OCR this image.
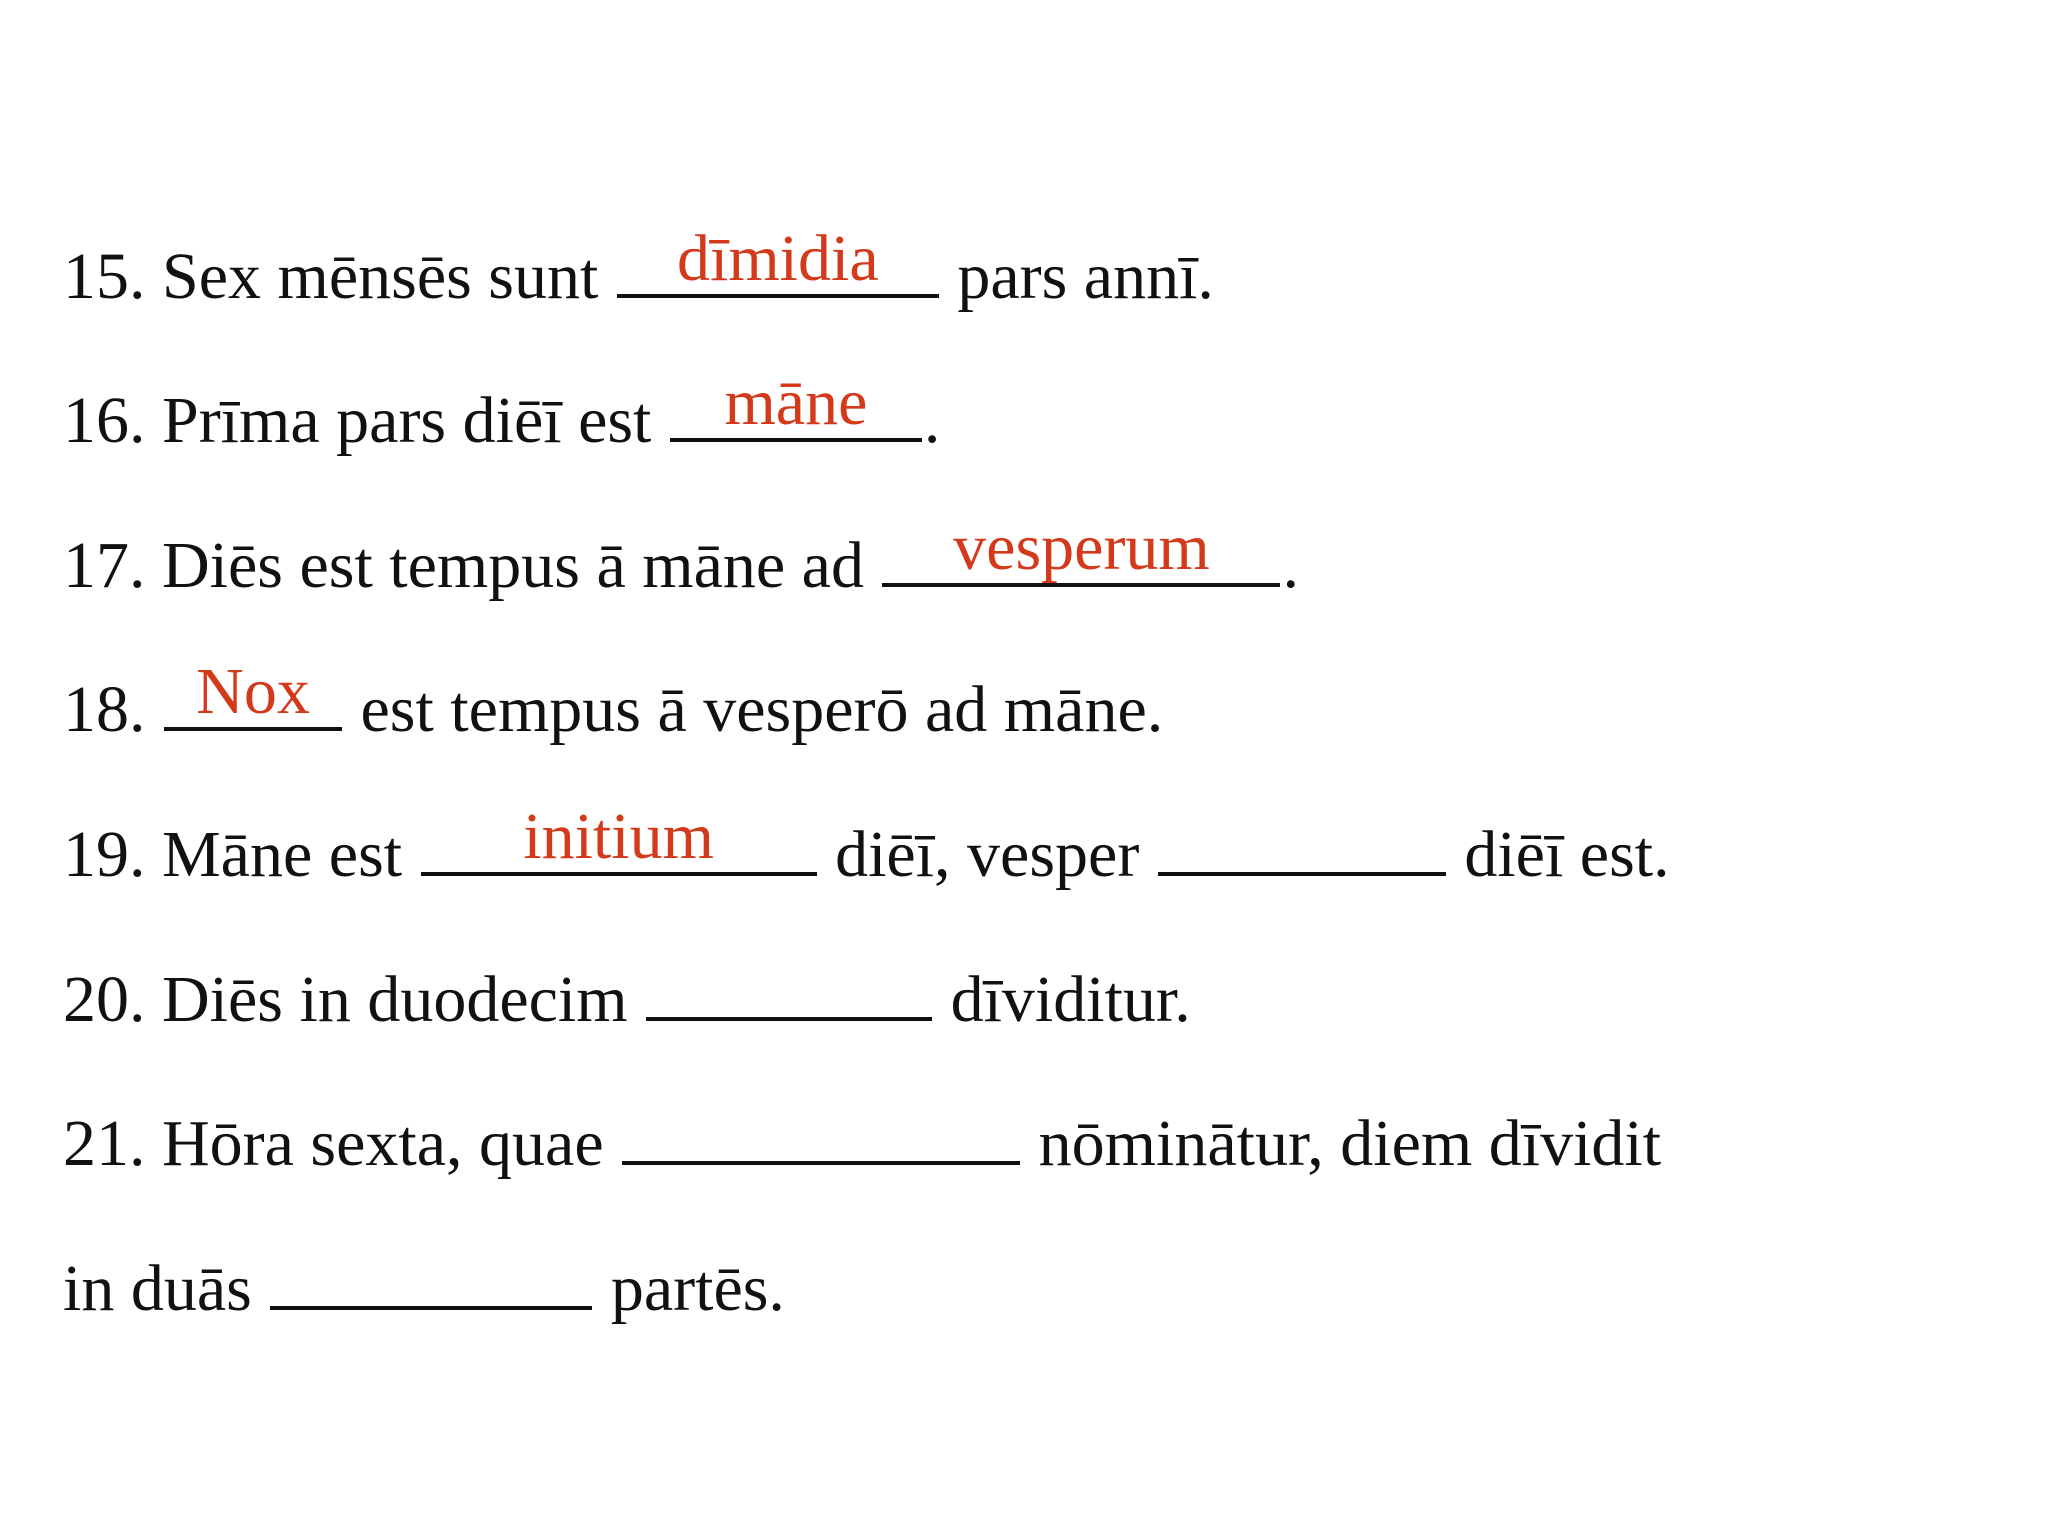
15. Sex mēnsēs sunt	dīmidia	pars annī.
16. Prīma pars diēī est	māne .
17. Diēs est tempus ā māne ad	vesperum	.
18. Nox est tempus ā vesperō ad māne.
19. Māne est	initium	diēī, vesper	diēī est.
20. Diēs in duodecim	dīviditur.
21. Hōra sexta, quae	nōminātur, diem dīvidit
in duās	partēs.
